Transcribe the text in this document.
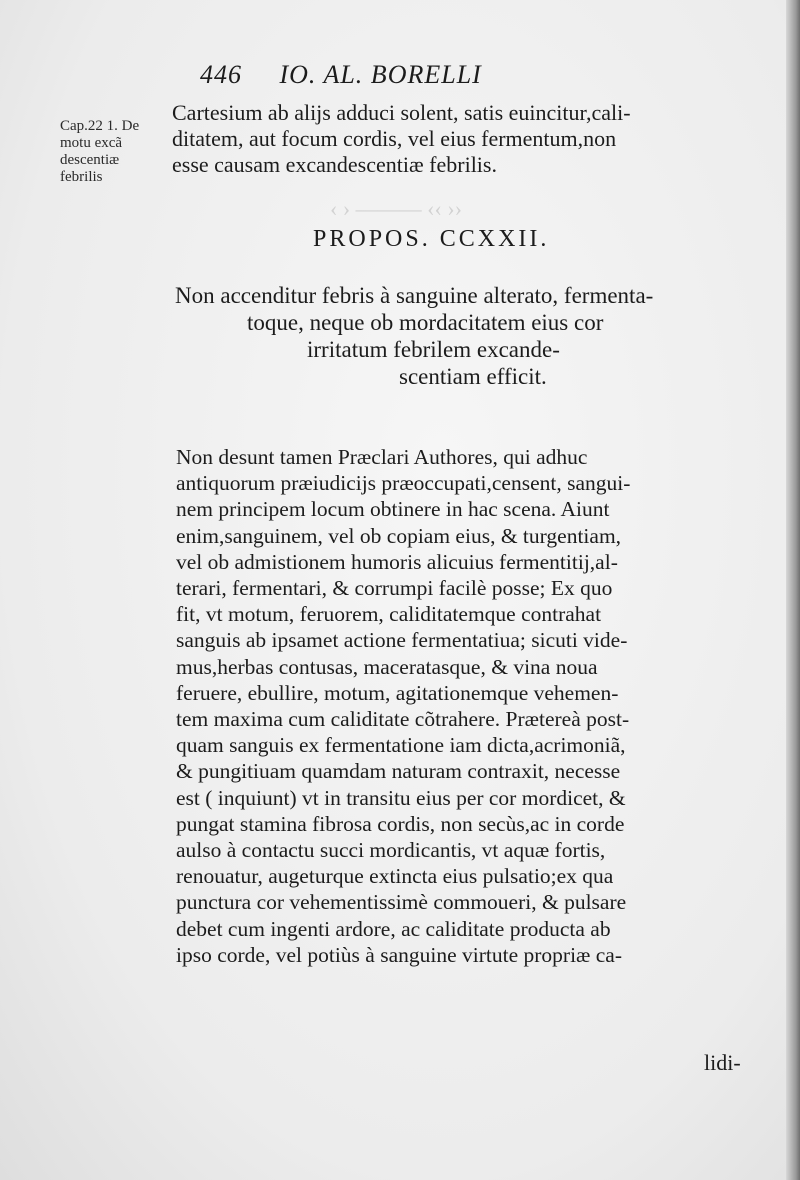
‹‹ ›› ——— ‹ ›
446 IO. AL. BORELLI
Cap.22 1. De
motu excã
descentiæ
febrilis
Cartesium ab alijs adduci solent, satis euincitur,cali-
ditatem, aut focum cordis, vel eius fermentum,non
esse causam excandescentiæ febrilis.
PROPOS. CCXXII.
Non accenditur febris à sanguine alterato, fermenta-
toque, neque ob mordacitatem eius cor
irritatum febrilem excande-
scentiam efficit.
Non desunt tamen Præclari Authores, qui adhuc
antiquorum præiudicijs præoccupati,censent, sangui-
nem principem locum obtinere in hac scena. Aiunt
enim,sanguinem, vel ob copiam eius, & turgentiam,
vel ob admistionem humoris alicuius fermentitij,al-
terari, fermentari, & corrumpi facilè posse; Ex quo
fit, vt motum, feruorem, caliditatemque contrahat
sanguis ab ipsamet actione fermentatiua; sicuti vide-
mus,herbas contusas, maceratasque, & vina noua
feruere, ebullire, motum, agitationemque vehemen-
tem maxima cum caliditate cõtrahere. Prætereà post-
quam sanguis ex fermentatione iam dicta,acrimoniã,
& pungitiuam quamdam naturam contraxit, necesse
est ( inquiunt) vt in transitu eius per cor mordicet, &
pungat stamina fibrosa cordis, non secùs,ac in corde
aulso à contactu succi mordicantis, vt aquæ fortis,
renouatur, augeturque extincta eius pulsatio;ex qua
punctura cor vehementissimè commoueri, & pulsare
debet cum ingenti ardore, ac caliditate producta ab
ipso corde, vel potiùs à sanguine virtute propriæ ca-
lidi-
